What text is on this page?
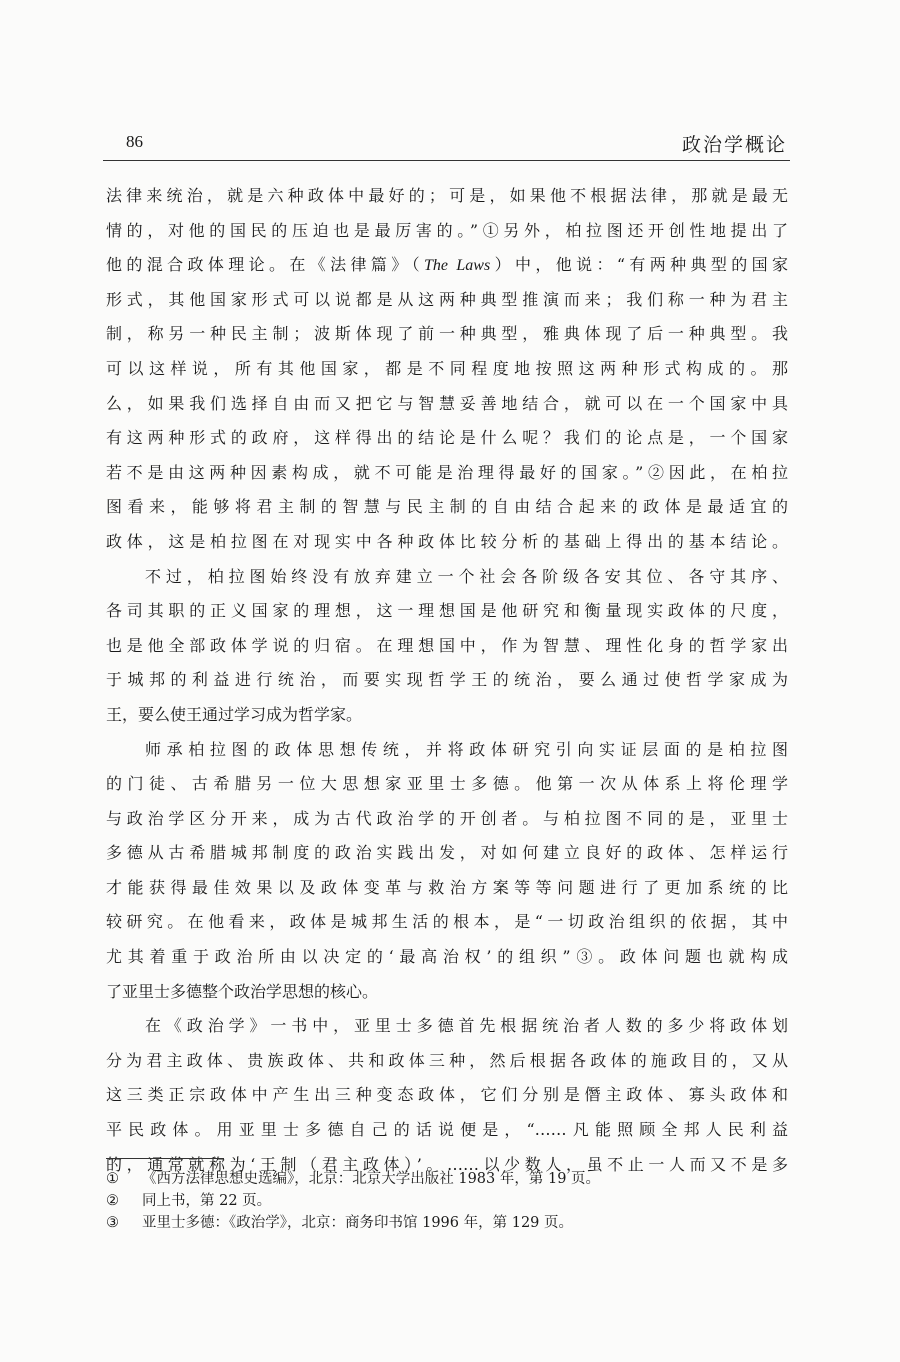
86	政治学概论
法律来统治，就是六种政体中最好的；可是，如果他不根据法律，那就是最无
情的，对他的国民的压迫也是最厉害的。”①另外，柏拉图还开创性地提出了
他的混合政体理论。在《法律篇》（The Laws）中，他说：“有两种典型的国家
形式，其他国家形式可以说都是从这两种典型推演而来；我们称一种为君主
制，称另一种民主制；波斯体现了前一种典型，雅典体现了后一种典型。我
可以这样说，所有其他国家，都是不同程度地按照这两种形式构成的。那
么，如果我们选择自由而又把它与智慧妥善地结合，就可以在一个国家中具
有这两种形式的政府，这样得出的结论是什么呢？我们的论点是，一个国家
若不是由这两种因素构成，就不可能是治理得最好的国家。”②因此，在柏拉
图看来，能够将君主制的智慧与民主制的自由结合起来的政体是最适宜的
政体，这是柏拉图在对现实中各种政体比较分析的基础上得出的基本结论。
不过，柏拉图始终没有放弃建立一个社会各阶级各安其位、各守其序、
各司其职的正义国家的理想，这一理想国是他研究和衡量现实政体的尺度，
也是他全部政体学说的归宿。在理想国中，作为智慧、理性化身的哲学家出
于城邦的利益进行统治，而要实现哲学王的统治，要么通过使哲学家成为
王，要么使王通过学习成为哲学家。
师承柏拉图的政体思想传统，并将政体研究引向实证层面的是柏拉图
的门徒、古希腊另一位大思想家亚里士多德。他第一次从体系上将伦理学
与政治学区分开来，成为古代政治学的开创者。与柏拉图不同的是，亚里士
多德从古希腊城邦制度的政治实践出发，对如何建立良好的政体、怎样运行
才能获得最佳效果以及政体变革与救治方案等等问题进行了更加系统的比
较研究。在他看来，政体是城邦生活的根本，是“一切政治组织的依据，其中
尤其着重于政治所由以决定的‘最高治权’的组织”③。政体问题也就构成
了亚里士多德整个政治学思想的核心。
在《政治学》一书中，亚里士多德首先根据统治者人数的多少将政体划
分为君主政体、贵族政体、共和政体三种，然后根据各政体的施政目的，又从
这三类正宗政体中产生出三种变态政体，它们分别是僭主政体、寡头政体和
平民政体。用亚里士多德自己的话说便是，“……凡能照顾全邦人民利益
的，通常就称为‘王制（君主政体）’。……以少数人，虽不止一人而又不是多
①	《西方法律思想史选编》，北京：北京大学出版社 1983 年，第 19 页。
②	同上书，第 22 页。
③	亚里士多德：《政治学》，北京：商务印书馆 1996 年，第 129 页。
